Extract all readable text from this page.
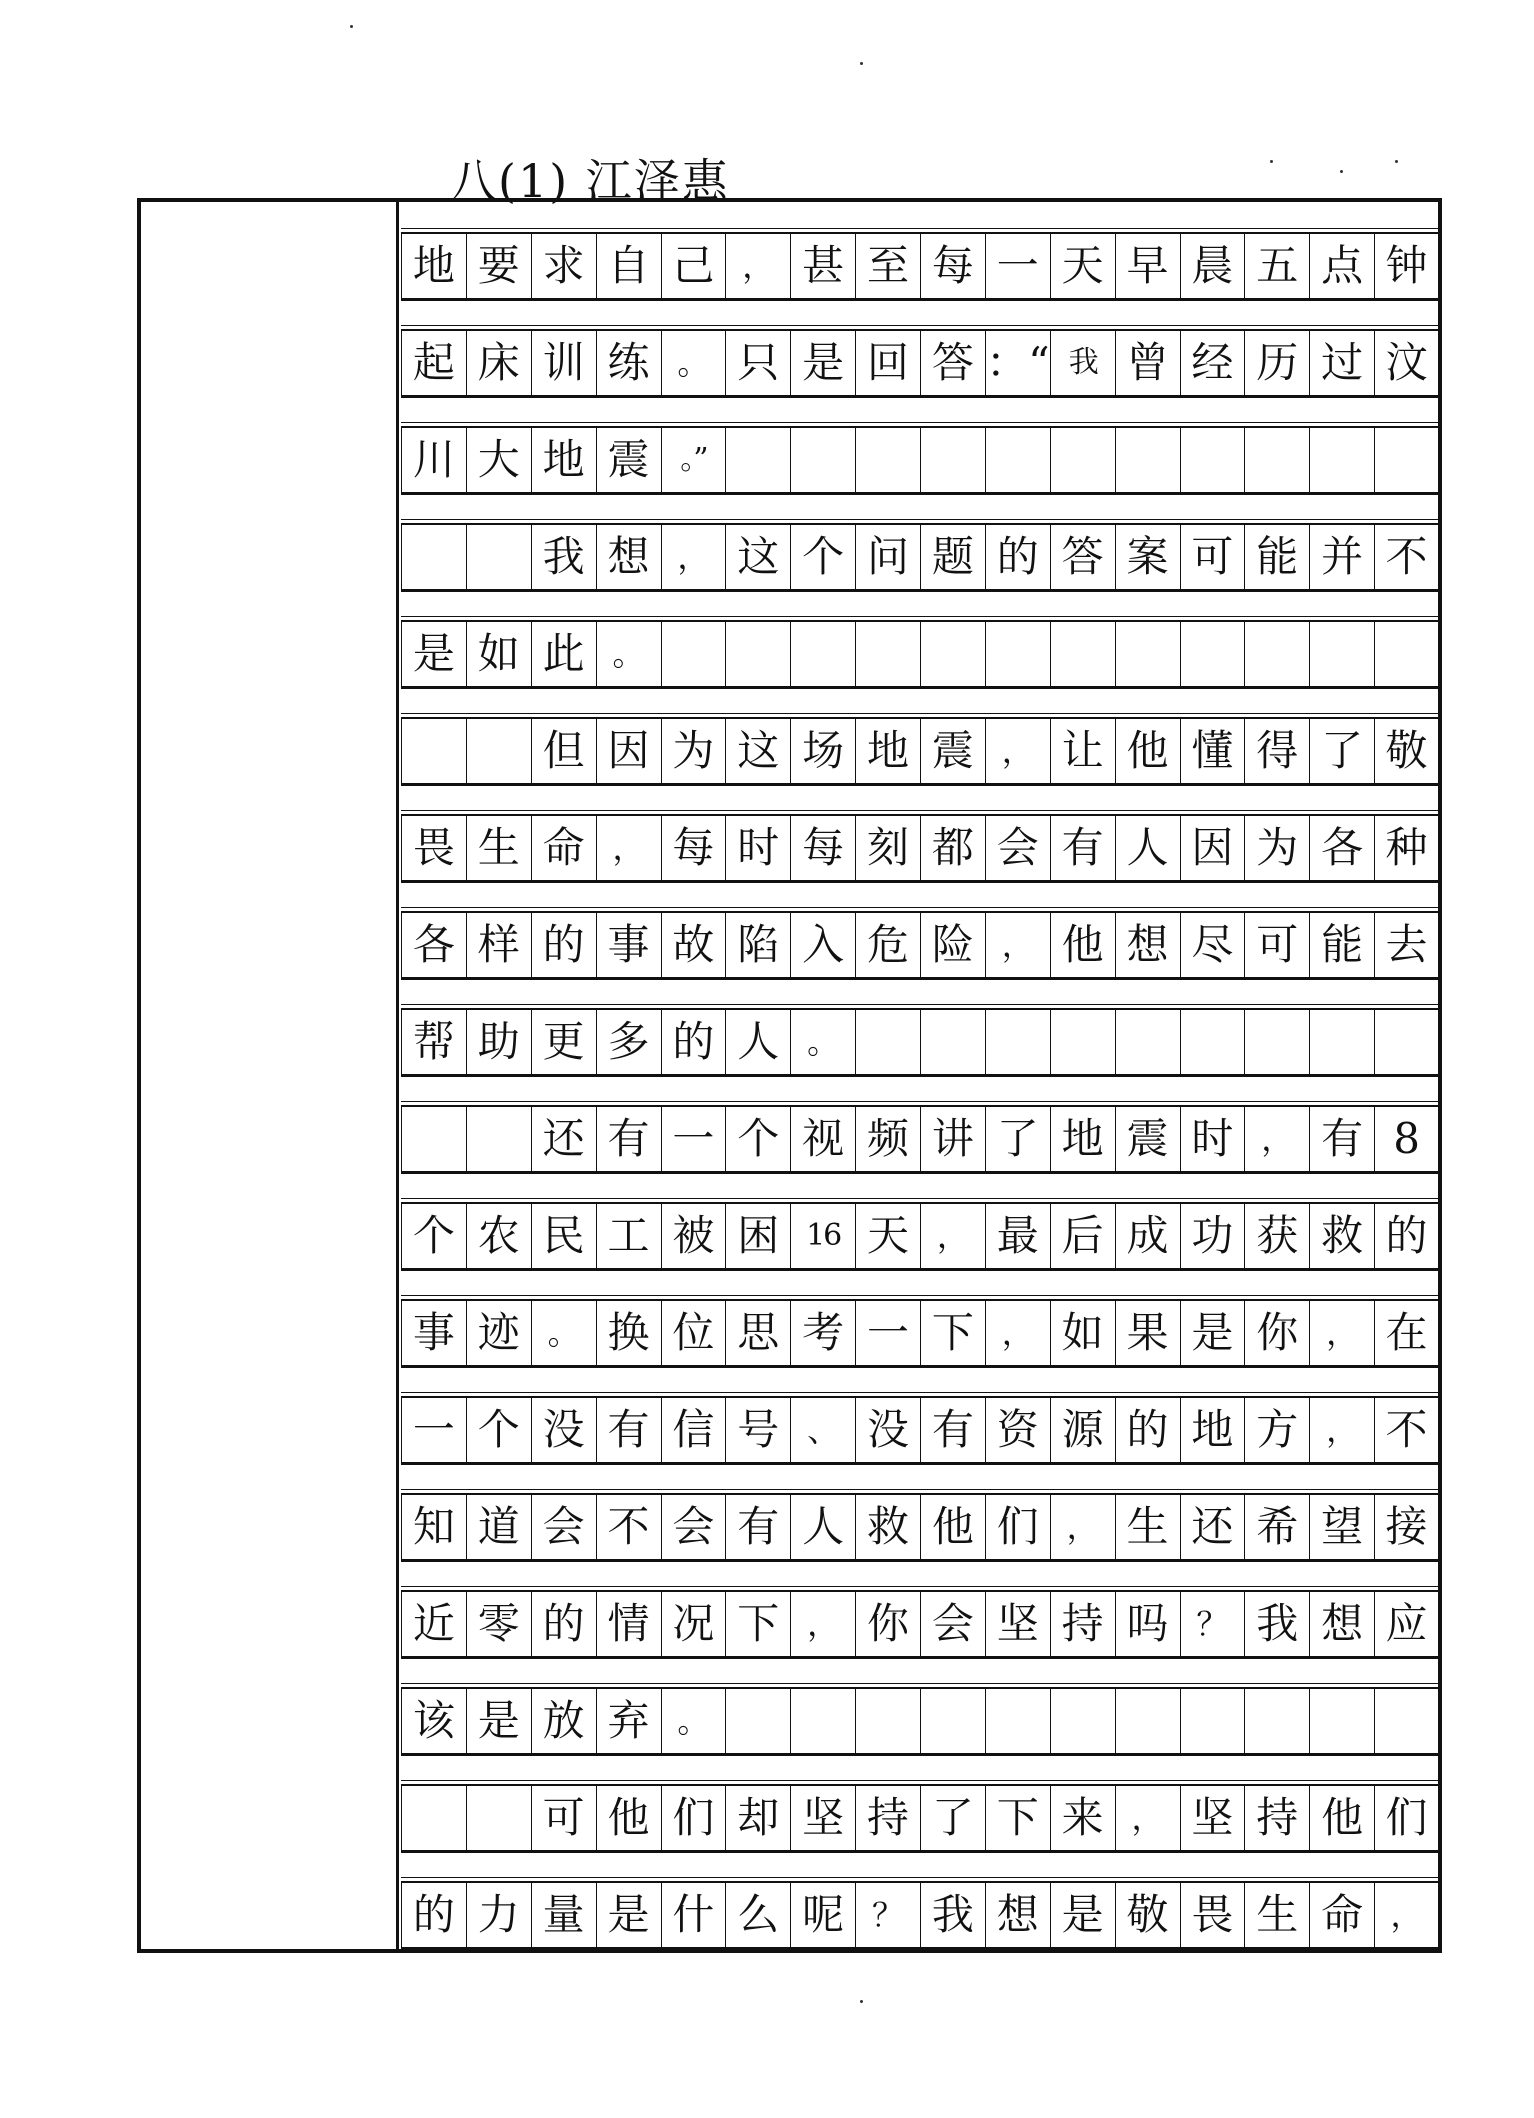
八(1) 江泽惠
地 要 求 自 己 ， 甚 至 每 一 天 早 晨 五 点 钟
起 床 训 练 。 只 是 回 答 ：“ 我 曾 经 历 过 汶
川 大 地 震	。”
我 想 ， 这 个 问 题 的 答 案 可 能 并 不
是 如 此 。
但 因 为 这 场 地 震 ， 让 他 懂 得 了 敬
畏 生 命 ， 每 时 每 刻 都 会 有 人 因 为 各 种
各 样 的 事 故 陷 入 危 险 ， 他 想 尽 可 能 去
帮 助 更 多 的 人 。
还 有 一 个 视 频 讲 了 地 震 时 ， 有 8
个 农 民 工 被 困 16 天 ， 最 后 成 功 获 救 的
事 迹 。 换 位 思 考 一 下 ， 如 果 是 你 ， 在
一 个 没 有 信 号 、 没 有 资 源 的 地 方 ， 不
知 道 会 不 会 有 人 救 他 们 ， 生 还 希 望 接
近 零 的 情 况 下 ， 你 会 坚 持 吗 ？ 我 想 应
该 是 放 弃 。
可 他 们 却 坚 持 了 下 来 ， 坚 持 他 们
的 力 量 是 什 么 呢 ？ 我 想 是 敬 畏 生 命 ，
